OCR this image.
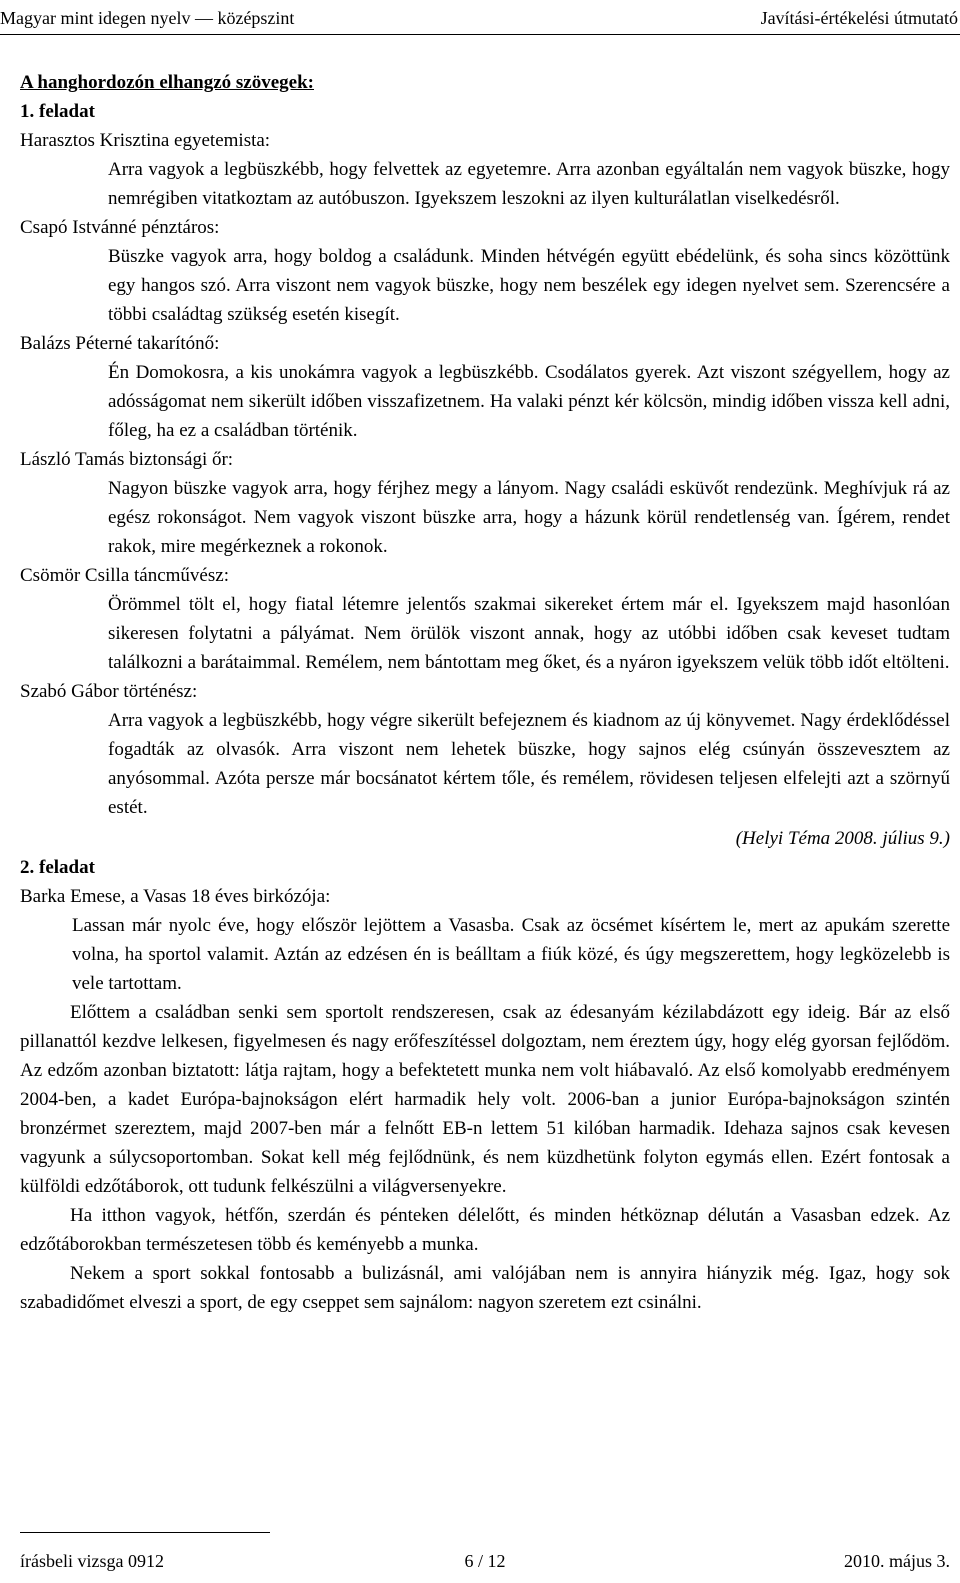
Magyar mint idegen nyelv — középszint	Javítási-értékelési útmutató

A hanghordozón elhangzó szövegek:

1. feladat

Harasztos Krisztina egyetemista:

Arra vagyok a legbüszkébb, hogy felvettek az egyetemre. Arra azonban egyáltalán nem vagyok büszke, hogy nemrégiben vitatkoztam az autóbuszon. Igyekszem leszokni az ilyen kulturálatlan viselkedésről.

Csapó Istvánné pénztáros:

Büszke vagyok arra, hogy boldog a családunk. Minden hétvégén együtt ebédelünk, és soha sincs közöttünk egy hangos szó. Arra viszont nem vagyok büszke, hogy nem beszélek egy idegen nyelvet sem. Szerencsére a többi családtag szükség esetén kisegít.

Balázs Péterné takarítónő:

Én Domokosra, a kis unokámra vagyok a legbüszkébb. Csodálatos gyerek. Azt viszont szégyellem, hogy az adósságomat nem sikerült időben visszafizetnem. Ha valaki pénzt kér kölcsön, mindig időben vissza kell adni, főleg, ha ez a családban történik.

László Tamás biztonsági őr:

Nagyon büszke vagyok arra, hogy férjhez megy a lányom. Nagy családi esküvőt rendezünk. Meghívjuk rá az egész rokonságot. Nem vagyok viszont büszke arra, hogy a házunk körül rendetlenség van. Ígérem, rendet rakok, mire megérkeznek a rokonok.

Csömör Csilla táncművész:

Örömmel tölt el, hogy fiatal létemre jelentős szakmai sikereket értem már el. Igyekszem majd hasonlóan sikeresen folytatni a pályámat. Nem örülök viszont annak, hogy az utóbbi időben csak keveset tudtam találkozni a barátaimmal. Remélem, nem bántottam meg őket, és a nyáron igyekszem velük több időt eltölteni.

Szabó Gábor történész:

Arra vagyok a legbüszkébb, hogy végre sikerült befejeznem és kiadnom az új könyvemet. Nagy érdeklődéssel fogadták az olvasók. Arra viszont nem lehetek büszke, hogy sajnos elég csúnyán összevesztem az anyósommal. Azóta persze már bocsánatot kértem tőle, és remélem, rövidesen teljesen elfelejti azt a szörnyű estét.

(Helyi Téma 2008. július 9.)

2. feladat

Barka Emese, a Vasas 18 éves birkózója:

Lassan már nyolc éve, hogy először lejöttem a Vasasba. Csak az öcsémet kísértem le, mert az apukám szerette volna, ha sportol valamit. Aztán az edzésen én is beálltam a fiúk közé, és úgy megszerettem, hogy legközelebb is vele tartottam.

Előttem a családban senki sem sportolt rendszeresen, csak az édesanyám kézilabdázott egy ideig. Bár az első pillanattól kezdve lelkesen, figyelmesen és nagy erőfeszítéssel dolgoztam, nem éreztem úgy, hogy elég gyorsan fejlődöm. Az edzőm azonban biztatott: látja rajtam, hogy a befektetett munka nem volt hiábavaló. Az első komolyabb eredményem 2004-ben, a kadet Európa-bajnokságon elért harmadik hely volt. 2006-ban a junior Európa-bajnokságon szintén bronzérmet szereztem, majd 2007-ben már a felnőtt EB-n lettem 51 kilóban harmadik. Idehaza sajnos csak kevesen vagyunk a súlycsoportomban. Sokat kell még fejlődnünk, és nem küzdhetünk folyton egymás ellen. Ezért fontosak a külföldi edzőtáborok, ott tudunk felkészülni a világversenyekre.

Ha itthon vagyok, hétfőn, szerdán és pénteken délelőtt, és minden hétköznap délután a Vasasban edzek. Az edzőtáborokban természetesen több és keményebb a munka.

Nekem a sport sokkal fontosabb a bulizásnál, ami valójában nem is annyira hiányzik még. Igaz, hogy sok szabadidőmet elveszi a sport, de egy cseppet sem sajnálom: nagyon szeretem ezt csinálni.

írásbeli vizsga 0912	6 / 12	2010. május 3.
